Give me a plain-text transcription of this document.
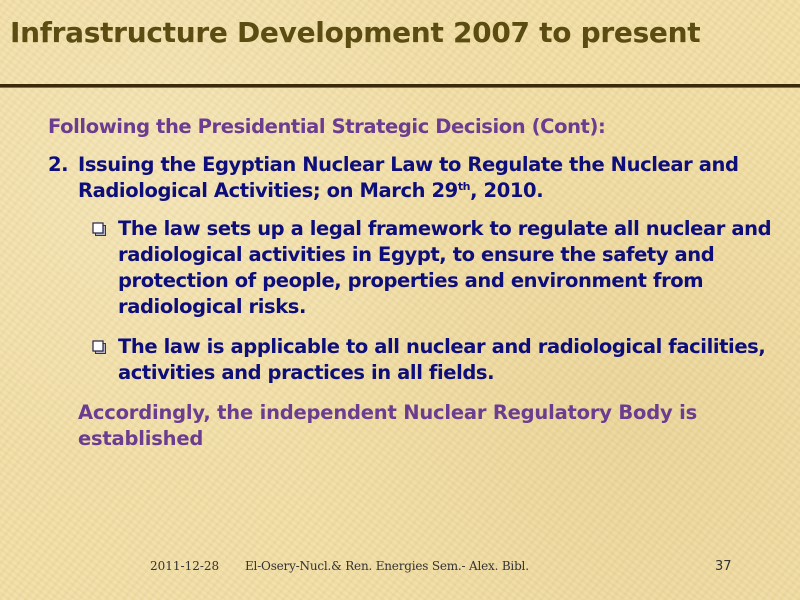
Infrastructure Development 2007 to present
Following the Presidential Strategic Decision (Cont):
2. Issuing the Egyptian Nuclear Law to Regulate the Nuclear and Radiological Activities; on March 29th, 2010.
The law sets up a legal framework to regulate all nuclear and radiological activities in Egypt, to ensure the safety and protection of people, properties and environment from radiological risks.
The law is applicable to all nuclear and radiological facilities, activities and practices in all fields.
Accordingly, the independent Nuclear Regulatory Body is established
2011-12-28 El-Osery-Nucl.& Ren. Energies Sem.- Alex. Bibl.	37
